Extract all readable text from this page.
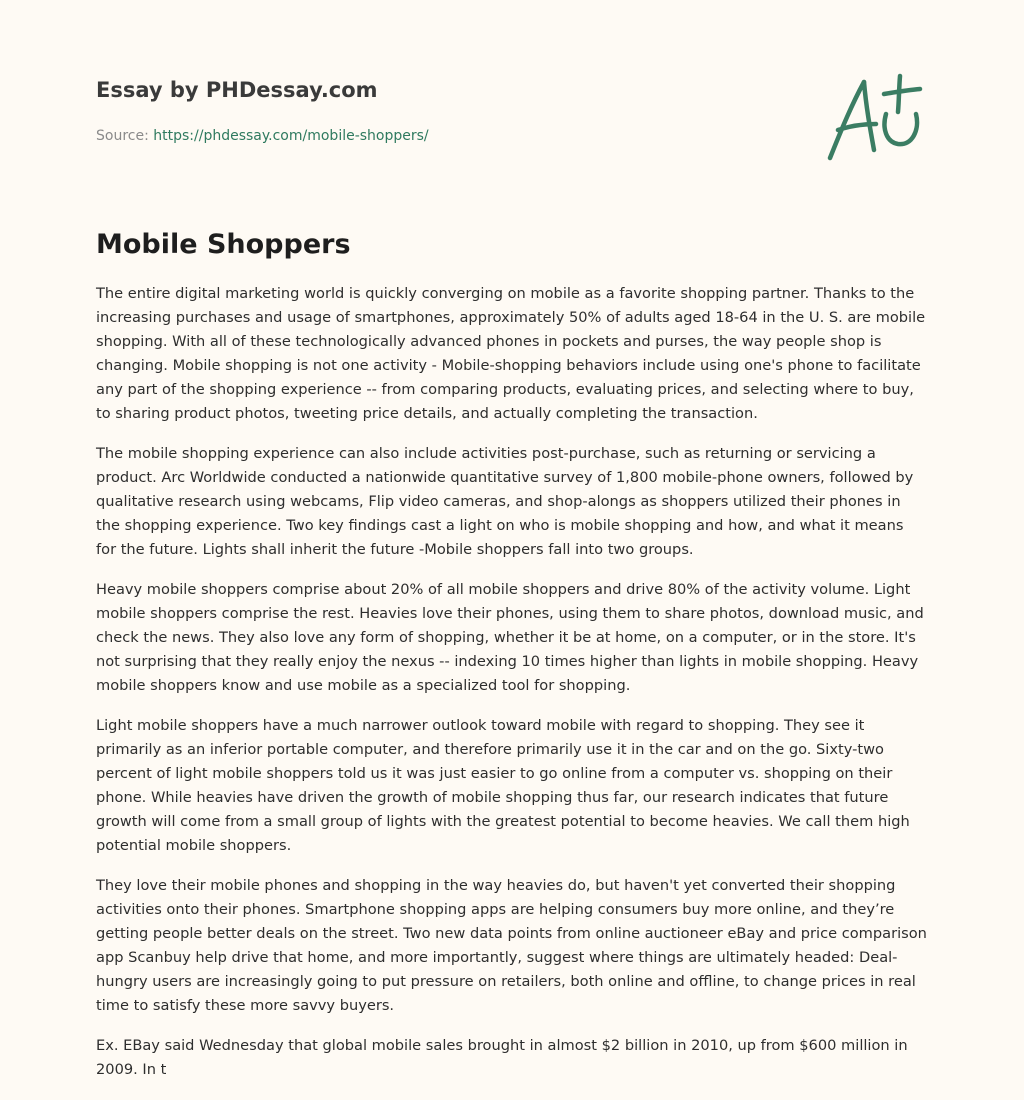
Essay by PHDessay.com
Source: https://phdessay.com/mobile-shoppers/
Mobile Shoppers

The entire digital marketing world is quickly converging on mobile as a favorite shopping partner. Thanks to the increasing purchases and usage of smartphones, approximately 50% of adults aged 18-64 in the U. S. are mobile shopping. With all of these technologically advanced phones in pockets and purses, the way people shop is changing. Mobile shopping is not one activity - Mobile-shopping behaviors include using one's phone to facilitate any part of the shopping experience -- from comparing products, evaluating prices, and selecting where to buy, to sharing product photos, tweeting price details, and actually completing the transaction.

The mobile shopping experience can also include activities post-purchase, such as returning or servicing a product. Arc Worldwide conducted a nationwide quantitative survey of 1,800 mobile-phone owners, followed by qualitative research using webcams, Flip video cameras, and shop-alongs as shoppers utilized their phones in the shopping experience. Two key findings cast a light on who is mobile shopping and how, and what it means for the future. Lights shall inherit the future -Mobile shoppers fall into two groups.

Heavy mobile shoppers comprise about 20% of all mobile shoppers and drive 80% of the activity volume. Light mobile shoppers comprise the rest. Heavies love their phones, using them to share photos, download music, and check the news. They also love any form of shopping, whether it be at home, on a computer, or in the store. It's not surprising that they really enjoy the nexus -- indexing 10 times higher than lights in mobile shopping. Heavy mobile shoppers know and use mobile as a specialized tool for shopping.

Light mobile shoppers have a much narrower outlook toward mobile with regard to shopping. They see it primarily as an inferior portable computer, and therefore primarily use it in the car and on the go. Sixty-two percent of light mobile shoppers told us it was just easier to go online from a computer vs. shopping on their phone. While heavies have driven the growth of mobile shopping thus far, our research indicates that future growth will come from a small group of lights with the greatest potential to become heavies. We call them high potential mobile shoppers.

They love their mobile phones and shopping in the way heavies do, but haven't yet converted their shopping activities onto their phones. Smartphone shopping apps are helping consumers buy more online, and they’re getting people better deals on the street. Two new data points from online auctioneer eBay and price comparison app Scanbuy help drive that home, and more importantly, suggest where things are ultimately headed: Deal-hungry users are increasingly going to put pressure on retailers, both online and offline, to change prices in real time to satisfy these more savvy buyers.

Ex. EBay said Wednesday that global mobile sales brought in almost $2 billion in 2010, up from $600 million in 2009. In t
